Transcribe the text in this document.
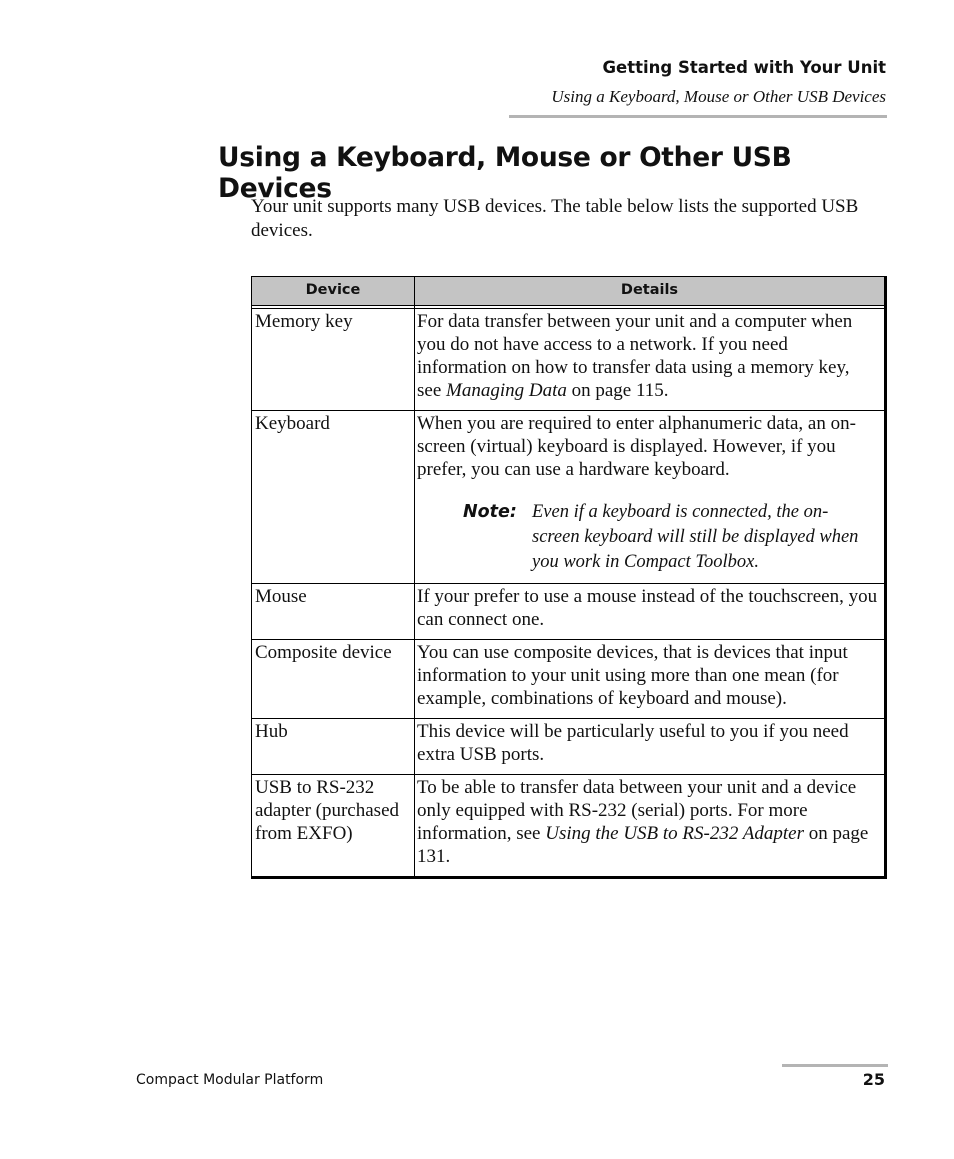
Getting Started with Your Unit
Using a Keyboard, Mouse or Other USB Devices
Using a Keyboard, Mouse or Other USB Devices

Your unit supports many USB devices. The table below lists the supported USB devices.

Device	Details

Memory key	For data transfer between your unit and a computer when you do not have access to a network. If you need information on how to transfer data using a memory key, see Managing Data on page 115.
Keyboard	When you are required to enter alphanumeric data, an on-screen (virtual) keyboard is displayed. However, if you prefer, you can use a hardware keyboard.
Note: Even if a keyboard is connected, the on-screen keyboard will still be displayed when you work in Compact Toolbox.

Mouse	If your prefer to use a mouse instead of the touchscreen, you can connect one.
Composite device	You can use composite devices, that is devices that input information to your unit using more than one mean (for example, combinations of keyboard and mouse).
Hub	This device will be particularly useful to you if you need extra USB ports.
USB to RS-232 adapter (purchased from EXFO)	To be able to transfer data between your unit and a device only equipped with RS-232 (serial) ports. For more information, see Using the USB to RS-232 Adapter on page 131.
Compact Modular Platform	25
